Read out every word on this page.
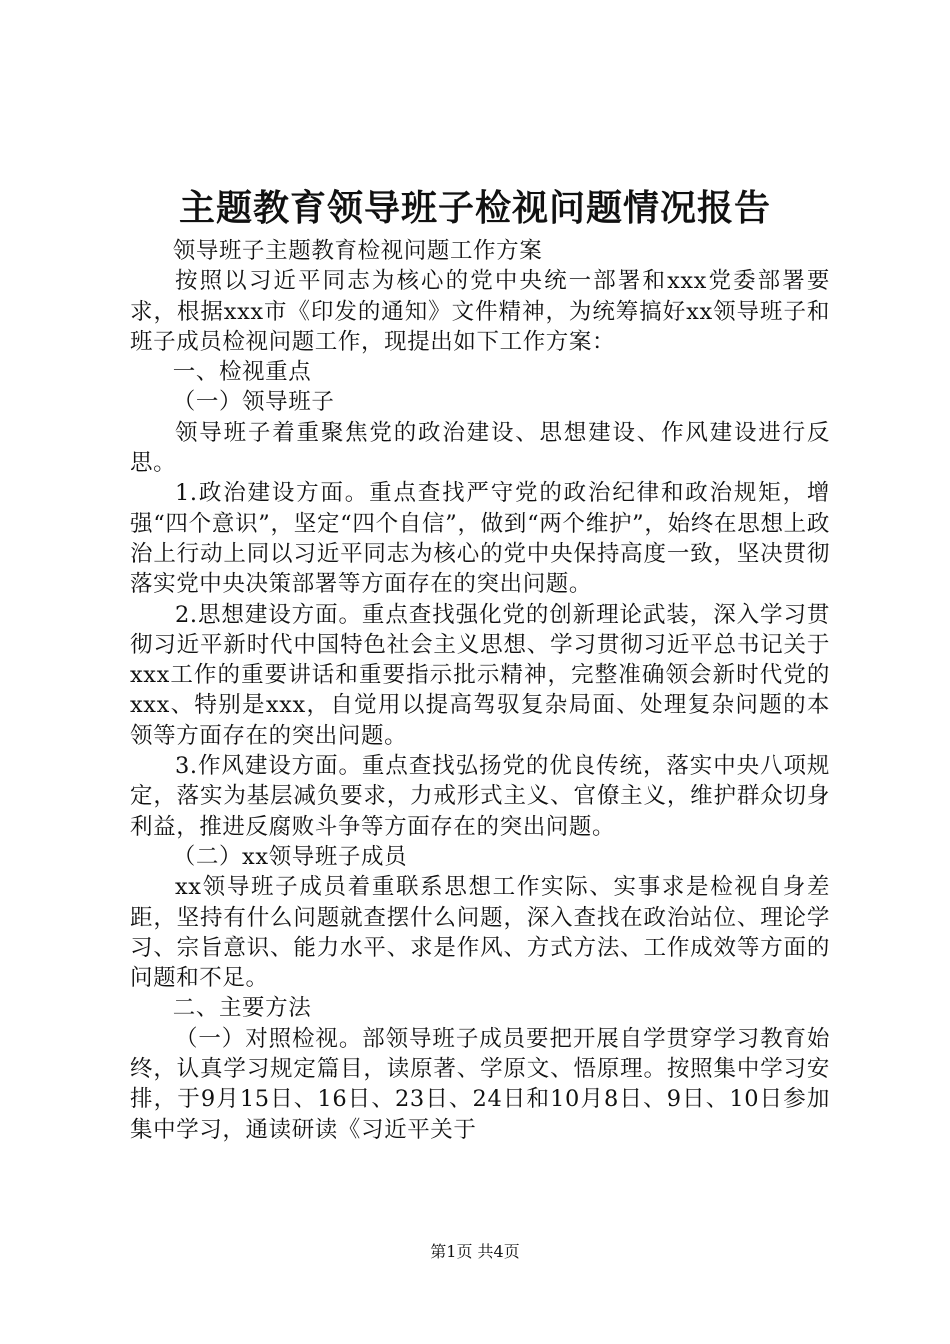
主题教育领导班子检视问题情况报告

领导班子主题教育检视问题工作方案

按照以习近平同志为核心的党中央统一部署和xxx党委部署要求，根据xxx市《印发的通知》文件精神，为统筹搞好xx领导班子和班子成员检视问题工作，现提出如下工作方案：

一、检视重点

（一）领导班子

领导班子着重聚焦党的政治建设、思想建设、作风建设进行反思。

1.政治建设方面。重点查找严守党的政治纪律和政治规矩，增强“四个意识”，坚定“四个自信”，做到“两个维护”，始终在思想上政治上行动上同以习近平同志为核心的党中央保持高度一致，坚决贯彻落实党中央决策部署等方面存在的突出问题。

2.思想建设方面。重点查找强化党的创新理论武装，深入学习贯彻习近平新时代中国特色社会主义思想、学习贯彻习近平总书记关于xxx工作的重要讲话和重要指示批示精神，完整准确领会新时代党的xxx、特别是xxx，自觉用以提高驾驭复杂局面、处理复杂问题的本领等方面存在的突出问题。

3.作风建设方面。重点查找弘扬党的优良传统，落实中央八项规定，落实为基层减负要求，力戒形式主义、官僚主义，维护群众切身利益，推进反腐败斗争等方面存在的突出问题。

（二）xx领导班子成员

xx领导班子成员着重联系思想工作实际、实事求是检视自身差距，坚持有什么问题就查摆什么问题，深入查找在政治站位、理论学习、宗旨意识、能力水平、求是作风、方式方法、工作成效等方面的问题和不足。

二、主要方法

（一）对照检视。部领导班子成员要把开展自学贯穿学习教育始终，认真学习规定篇目，读原著、学原文、悟原理。按照集中学习安排，于9月15日、16日、23日、24日和10月8日、9日、10日参加集中学习，通读研读《习近平关于

第1页 共4页
